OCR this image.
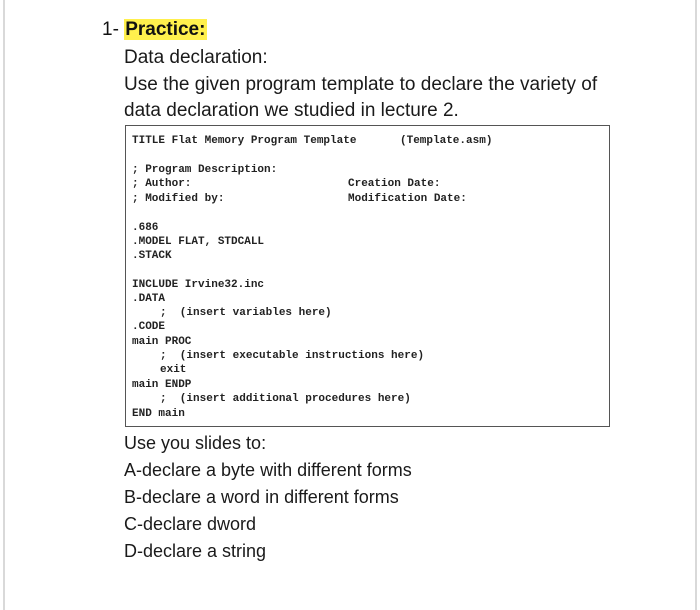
1- Practice:
Data declaration:
Use the given program template to declare the variety of
data declaration we studied in lecture 2.
TITLE Flat Memory Program Template	(Template.asm)
; Program Description:
; Author:	Creation Date:
; Modified by:	Modification Date:
.686
.MODEL FLAT, STDCALL
.STACK
INCLUDE Irvine32.inc
.DATA
;  (insert variables here)
.CODE
main PROC
;  (insert executable instructions here)
exit
main ENDP
;  (insert additional procedures here)
END main
Use you slides to:
A-declare a byte with different forms
B-declare a word in different forms
C-declare dword
D-declare a string
